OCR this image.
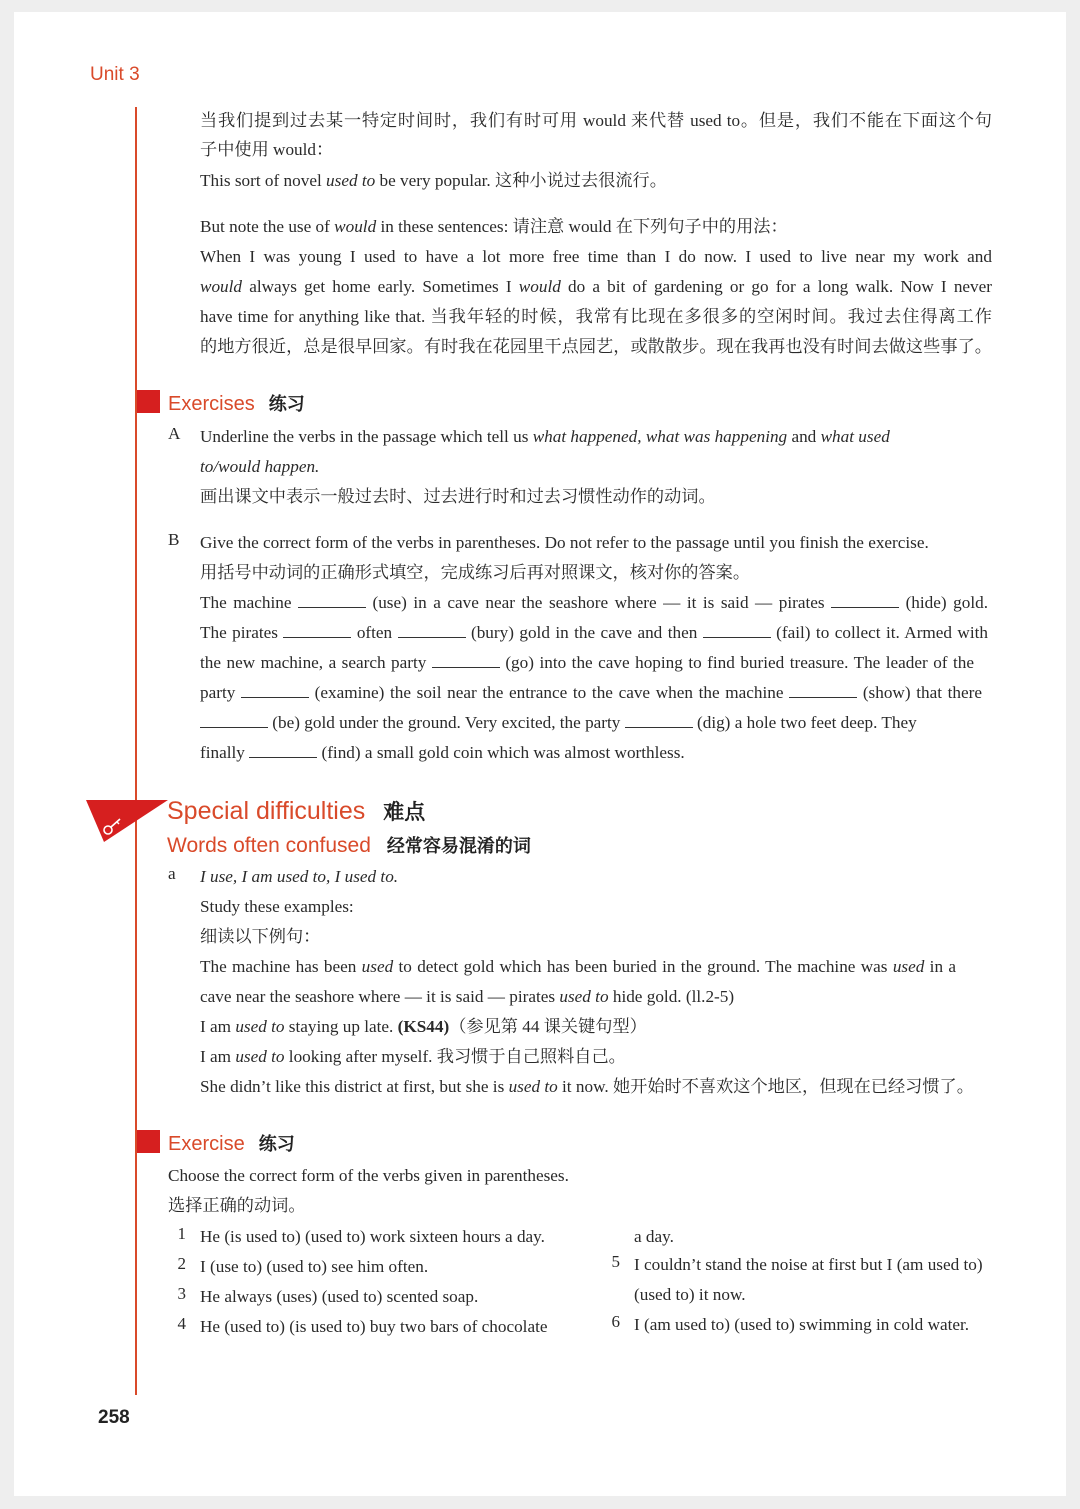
Unit 3
当我们提到过去某一特定时间时，我们有时可用 would 来代替 used to。但是，我们不能在下面这个句
子中使用 would：
This sort of novel used to be very popular. 这种小说过去很流行。
But note the use of would in these sentences: 请注意 would 在下列句子中的用法：
When I was young I used to have a lot more free time than I do now. I used to live near my work and
would always get home early. Sometimes I would do a bit of gardening or go for a long walk. Now I never
have time for anything like that. 当我年轻的时候，我常有比现在多很多的空闲时间。我过去住得离工作
的地方很近，总是很早回家。有时我在花园里干点园艺，或散散步。现在我再也没有时间去做这些事了。
Exercises 练习
A Underline the verbs in the passage which tell us what happened, what was happening and what used
to/would happen.
画出课文中表示一般过去时、过去进行时和过去习惯性动作的动词。
B Give the correct form of the verbs in parentheses. Do not refer to the passage until you finish the exercise.
用括号中动词的正确形式填空，完成练习后再对照课文，核对你的答案。
The machine	(use) in a cave near the seashore where — it is said — pirates	(hide) gold.
The pirates	often	(bury) gold in the cave and then	(fail) to collect it. Armed with
the new machine, a search party	(go) into the cave hoping to find buried treasure. The leader of the
party	(examine) the soil near the entrance to the cave when the machine	(show) that there
(be) gold under the ground. Very excited, the party	(dig) a hole two feet deep. They
finally	(find) a small gold coin which was almost worthless.
Special difficulties 难点
Words often confused 经常容易混淆的词
a I use, I am used to, I used to.
Study these examples:
细读以下例句：
The machine has been used to detect gold which has been buried in the ground. The machine was used in a
cave near the seashore where — it is said — pirates used to hide gold. (ll.2-5)
I am used to staying up late. (KS44)（参见第 44 课关键句型）
I am used to looking after myself. 我习惯于自己照料自己。
She didn’t like this district at first, but she is used to it now. 她开始时不喜欢这个地区，但现在已经习惯了。
Exercise 练习
Choose the correct form of the verbs given in parentheses.
选择正确的动词。
1 He (is used to) (used to) work sixteen hours a day.
2 I (use to) (used to) see him often.
3 He always (uses) (used to) scented soap.
4 He (used to) (is used to) buy two bars of chocolate
a day.
5 I couldn’t stand the noise at first but I (am used to)
(used to) it now.
6 I (am used to) (used to) swimming in cold water.
258
